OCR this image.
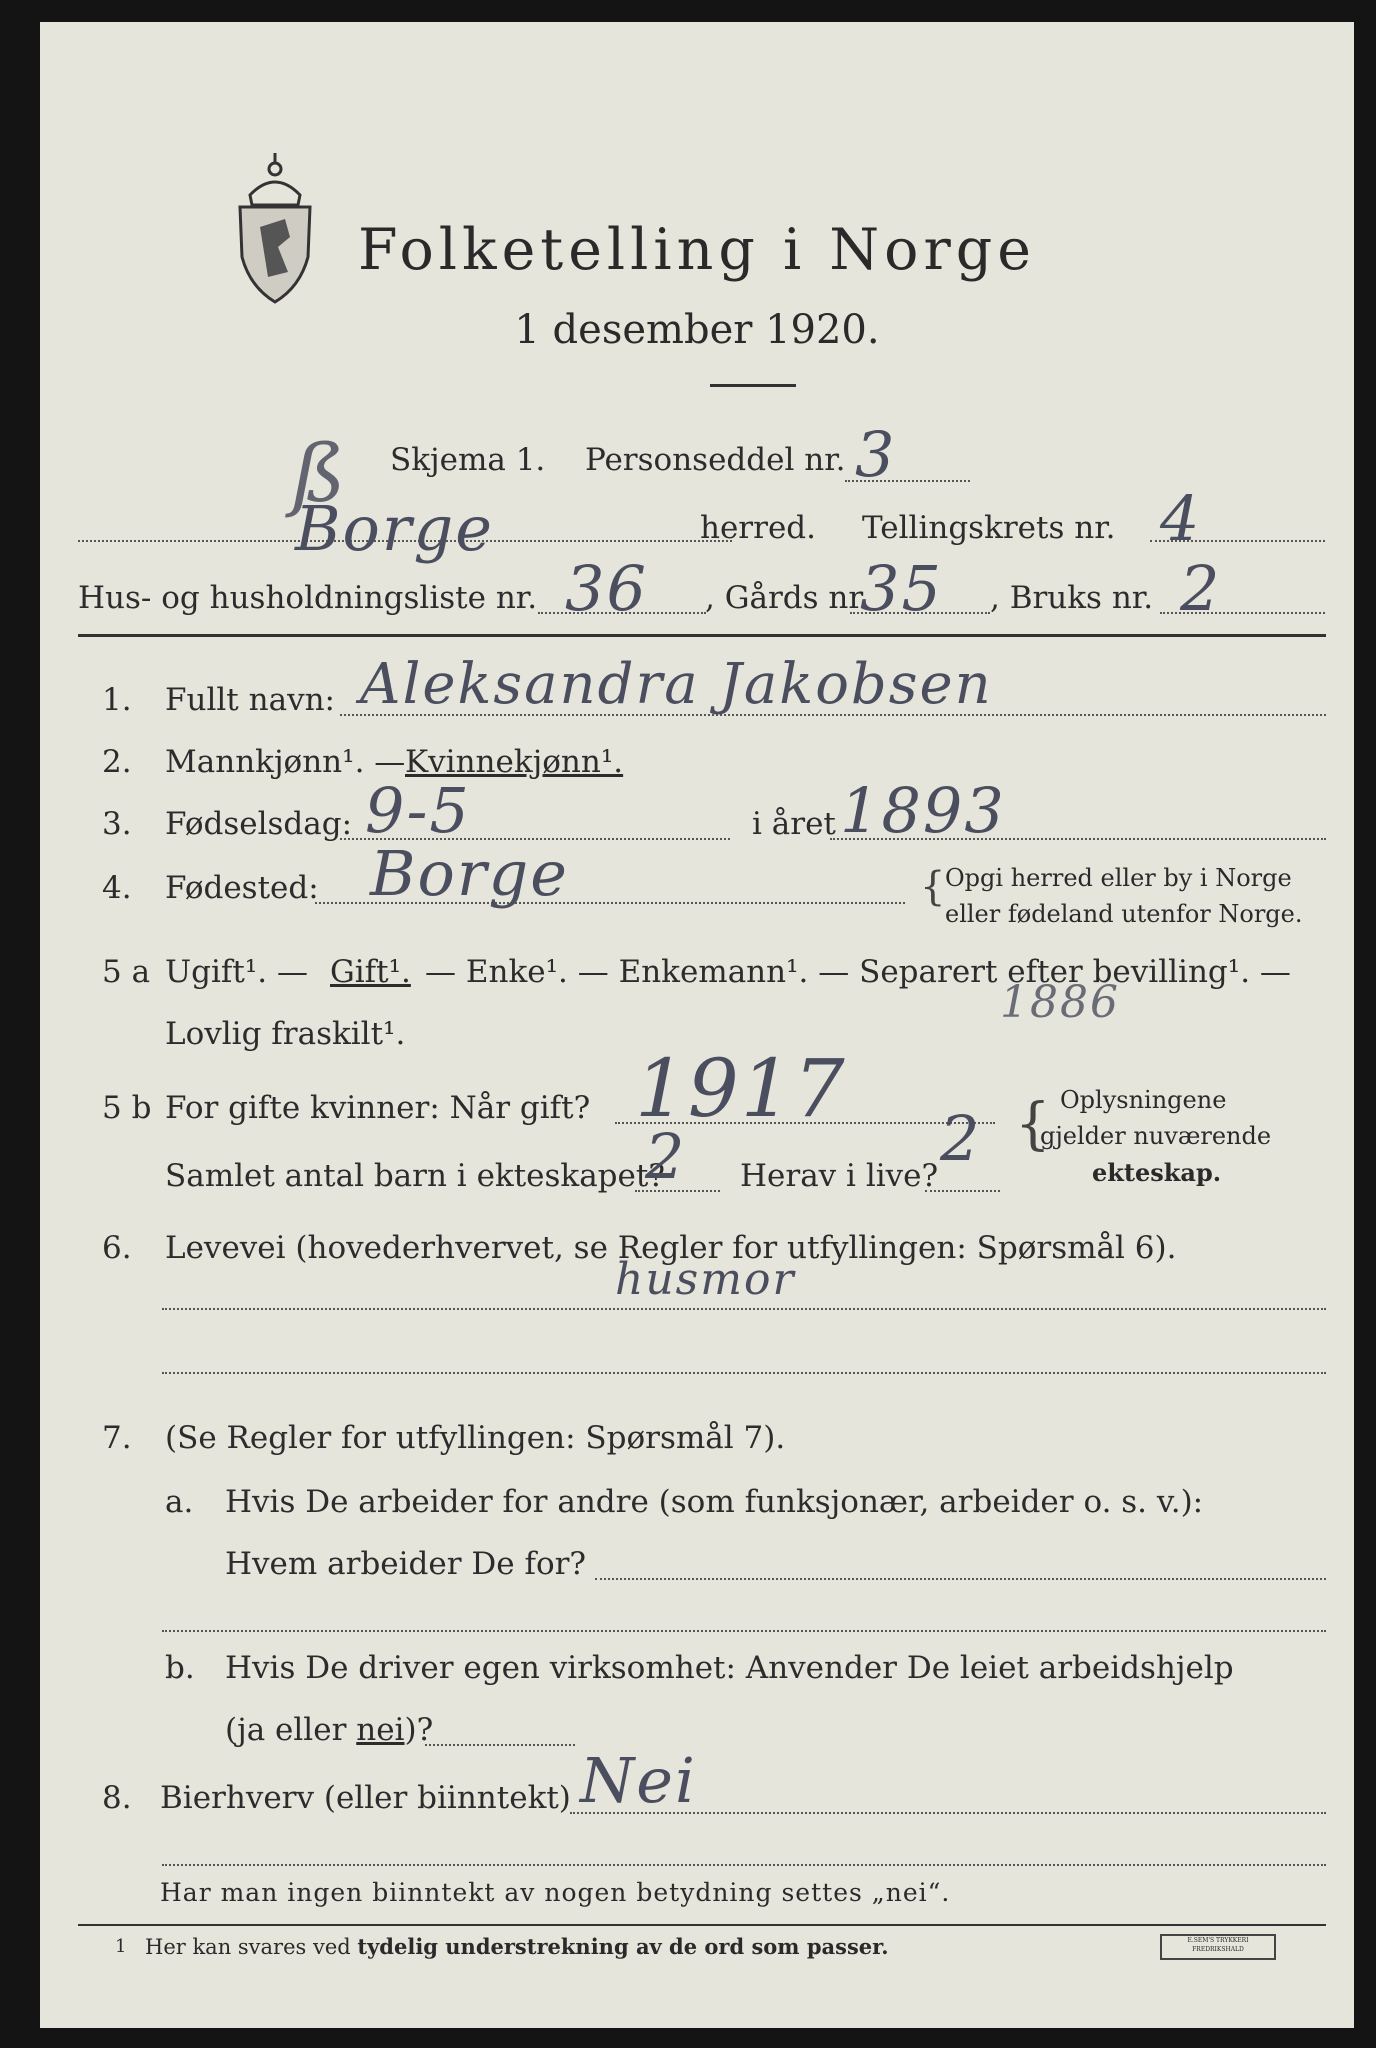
Folketelling i Norge
1 desember 1920.
ß Skjema 1. Personseddel nr. 3
Borge	herred. Tellingskrets nr. 4
Hus- og husholdningsliste nr. 36 , Gårds nr.
35 , Bruks nr. 2
1. Fullt navn: Aleksandra Jakobsen
2. Mannkjønn¹. — Kvinnekjønn¹.
3. Fødselsdag: 9-5	i året 1893
4. Fødested: Borge	{ Opgi herred eller by i Norge
eller fødeland utenfor Norge.
5 a Ugift¹. — Gift¹. — Enke¹. — Enkemann¹. — Separert efter bevilling¹. —
Lovlig fraskilt¹.
1886
5 b For gifte kvinner: Når gift? 1917
Samlet antal barn i ekteskapet?
2 Herav i live?
2 { Oplysningene
gjelder nuværende
ekteskap.
6. Levevei (hovederhvervet, se Regler for utfyllingen: Spørsmål 6).
husmor
7. (Se Regler for utfyllingen: Spørsmål 7).
a. Hvis De arbeider for andre (som funksjonær, arbeider o. s. v.):
Hvem arbeider De for?
b. Hvis De driver egen virksomhet: Anvender De leiet arbeidshjelp
(ja eller nei)?
8. Bierhverv (eller biinntekt) Nei
Har man ingen biinntekt av nogen betydning settes „nei“.
1 Her kan svares ved tydelig understrekning av de ord som passer.	E.SEM'S TRYKKERI FREDRIKSHALD
